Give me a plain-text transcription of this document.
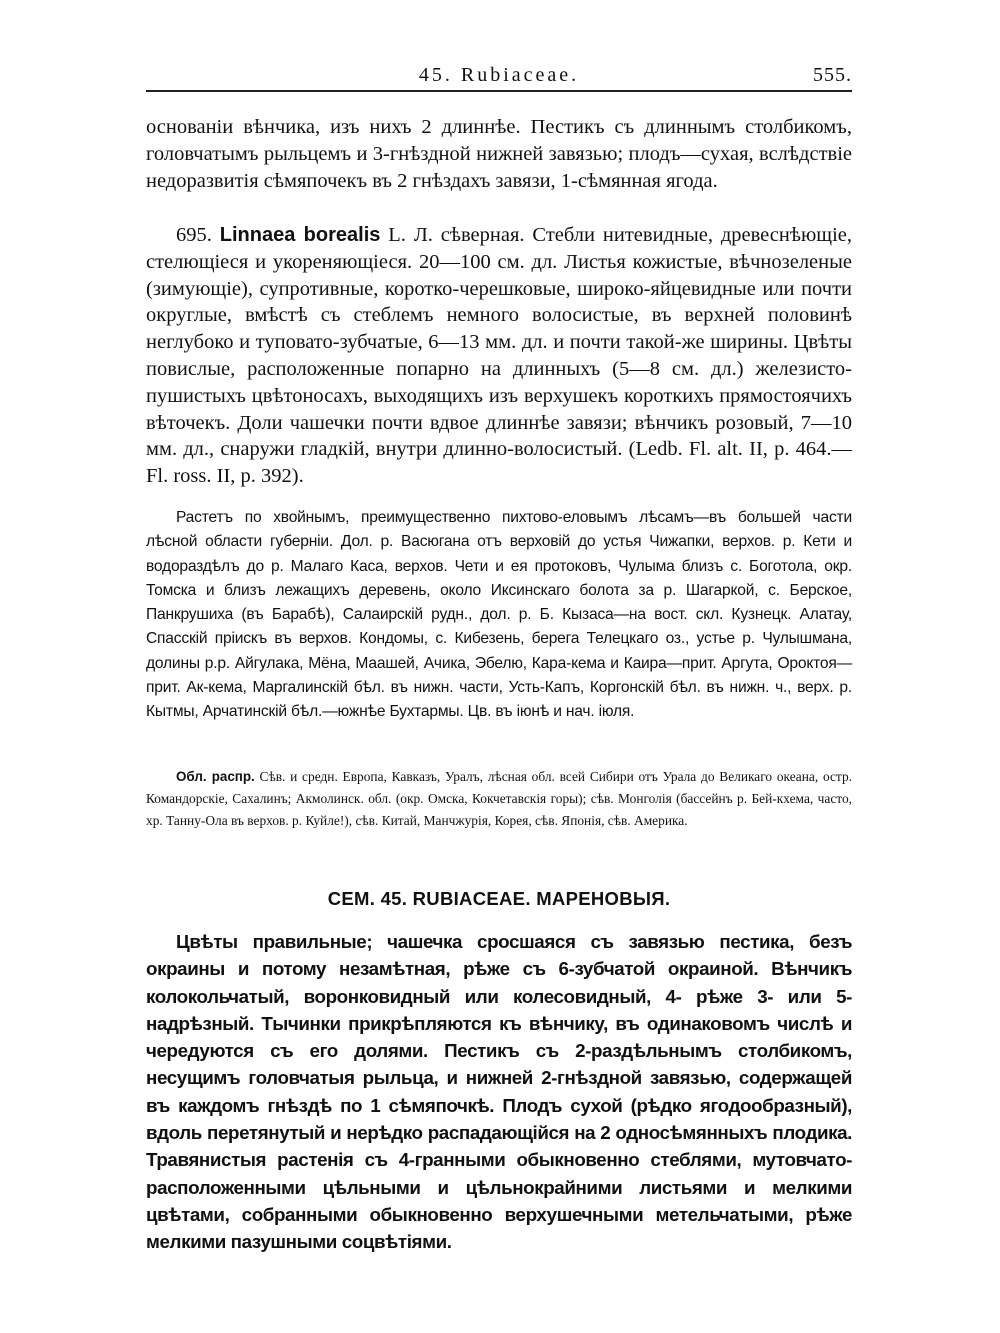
45. Rubiaceae.	555.

основаніи вѣнчика, изъ нихъ 2 длиннѣе. Пестикъ съ длиннымъ столбикомъ, головчатымъ рыльцемъ и 3-гнѣздной нижней завязью; плодъ—сухая, вслѣдствіе недоразвитія сѣмяпочекъ въ 2 гнѣздахъ завязи, 1-сѣмянная ягода.

695. Linnaea borealis L. Л. сѣверная. Стебли нитевидные, древеснѣющіе, стелющіеся и укореняющіеся. 20—100 см. дл. Листья кожистые, вѣчнозеленые (зимующіе), супротивные, коротко-черешковые, широко-яйцевидные или почти округлые, вмѣстѣ съ стеблемъ немного волосистые, въ верхней половинѣ неглубоко и туповато-зубчатые, 6—13 мм. дл. и почти такой-же ширины. Цвѣты повислые, расположенные попарно на длинныхъ (5—8 см. дл.) железисто-пушистыхъ цвѣтоносахъ, выходящихъ изъ верхушекъ короткихъ прямостоячихъ вѣточекъ. Доли чашечки почти вдвое длиннѣе завязи; вѣнчикъ розовый, 7—10 мм. дл., снаружи гладкій, внутри длинно-волосистый. (Ledb. Fl. alt. II, p. 464.—Fl. ross. II, p. 392).

Растетъ по хвойнымъ, преимущественно пихтово-еловымъ лѣсамъ—въ большей части лѣсной области губерніи. Дол. р. Васюгана отъ верховій до устья Чижапки, верхов. р. Кети и водораздѣлъ до р. Малаго Каса, верхов. Чети и ея протоковъ, Чулыма близъ с. Боготола, окр. Томска и близъ лежащихъ деревень, около Иксинскаго болота за р. Шагаркой, с. Берское, Панкрушиха (въ Барабѣ), Салаирскій рудн., дол. р. Б. Кызаса—на вост. скл. Кузнецк. Алатау, Спасскій пріискъ въ верхов. Кондомы, с. Кибезень, берега Телецкаго оз., устье р. Чулышмана, долины р.р. Айгулака, Мёна, Маашей, Ачика, Эбелю, Кара-кема и Каира—прит. Аргута, Ороктоя—прит. Ак-кема, Маргалинскій бѣл. въ нижн. части, Усть-Капъ, Коргонскій бѣл. въ нижн. ч., верх. р. Кытмы, Арчатинскій бѣл.—южнѣе Бухтармы. Цв. въ іюнѣ и нач. іюля.

Обл. распр. Сѣв. и средн. Европа, Кавказъ, Уралъ, лѣсная обл. всей Сибири отъ Урала до Великаго океана, остр. Командорскіе, Сахалинъ; Акмолинск. обл. (окр. Омска, Кокчетавскія горы); сѣв. Монголія (бассейнъ р. Бей-кхема, часто, хр. Танну-Ола въ верхов. р. Куйле!), сѣв. Китай, Манчжурія, Корея, сѣв. Японія, сѣв. Америка.

СЕМ. 45. RUBIACEAE. МАРЕНОВЫЯ.

Цвѣты правильные; чашечка сросшаяся съ завязью пестика, безъ окраины и потому незамѣтная, рѣже съ 6-зубчатой окраиной. Вѣнчикъ колокольчатый, воронковидный или колесовидный, 4- рѣже 3- или 5-надрѣзный. Тычинки прикрѣпляются къ вѣнчику, въ одинаковомъ числѣ и чередуются съ его долями. Пестикъ съ 2-раздѣльнымъ столбикомъ, несущимъ головчатыя рыльца, и нижней 2-гнѣздной завязью, содержащей въ каждомъ гнѣздѣ по 1 сѣмяпочкѣ. Плодъ сухой (рѣдко ягодообразный), вдоль перетянутый и нерѣдко распадающійся на 2 односѣмянныхъ плодика. Травянистыя растенія съ 4-гранными обыкновенно стеблями, мутовчато-расположенными цѣльными и цѣльнокрайними листьями и мелкими цвѣтами, собранными обыкновенно верхушечными метельчатыми, рѣже мелкими пазушными соцвѣтіями.
